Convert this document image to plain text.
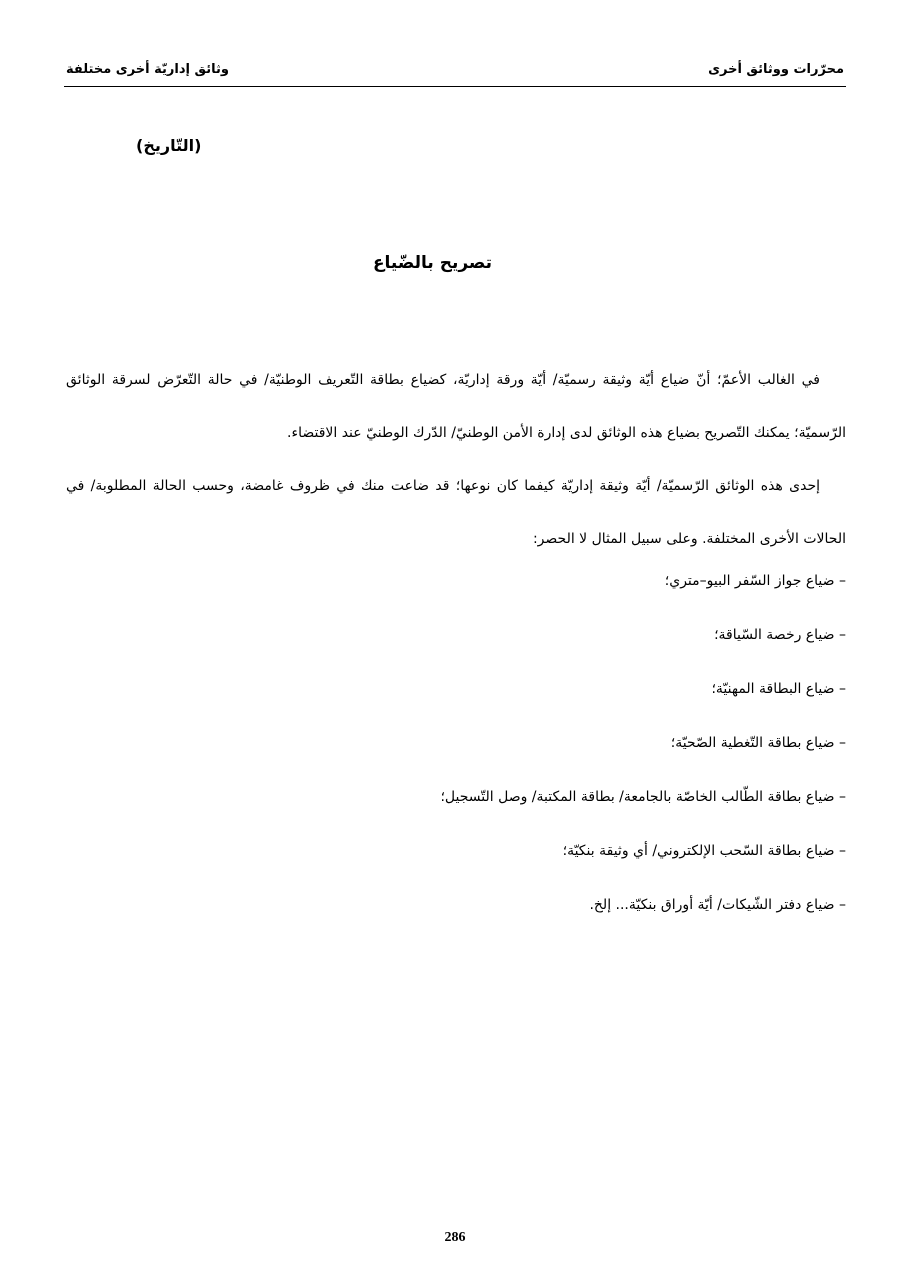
محرّرات ووثائق أخرى
وثائق إداريّة أخرى مختلفة
(التّاريخ)
تصريح بالضّياع

في الغالب الأعمّ؛ أنّ ضياع أيّة وثيقة رسميّة/ أيّة ورقة إداريّة، كضياع بطاقة التّعريف الوطنيّة/ في حالة التّعرّض لسرقة الوثائق الرّسميّة؛ يمكنك التّصريح بضياع هذه الوثائق لدى إدارة الأمن الوطنيّ/ الدّرك الوطنيّ عند الاقتضاء.

إحدى هذه الوثائق الرّسميّة/ أيّة وثيقة إداريّة كيفما كان نوعها؛ قد ضاعت منك في ظروف غامضة، وحسب الحالة المطلوبة/ في الحالات الأخرى المختلفة. وعلى سبيل المثال لا الحصر:

– ضياع جواز السّفر البيو–متري؛
– ضياع رخصة السّياقة؛
– ضياع البطاقة المهنيّة؛
– ضياع بطاقة التّغطية الصّحيّة؛
– ضياع بطاقة الطّالب الخاصّة بالجامعة/ بطاقة المكتبة/ وصل التّسجيل؛
– ضياع بطاقة السّحب الإلكتروني/ أي وثيقة بنكيّة؛
– ضياع دفتر الشّيكات/ أيّة أوراق بنكيّة... إلخ.
286
